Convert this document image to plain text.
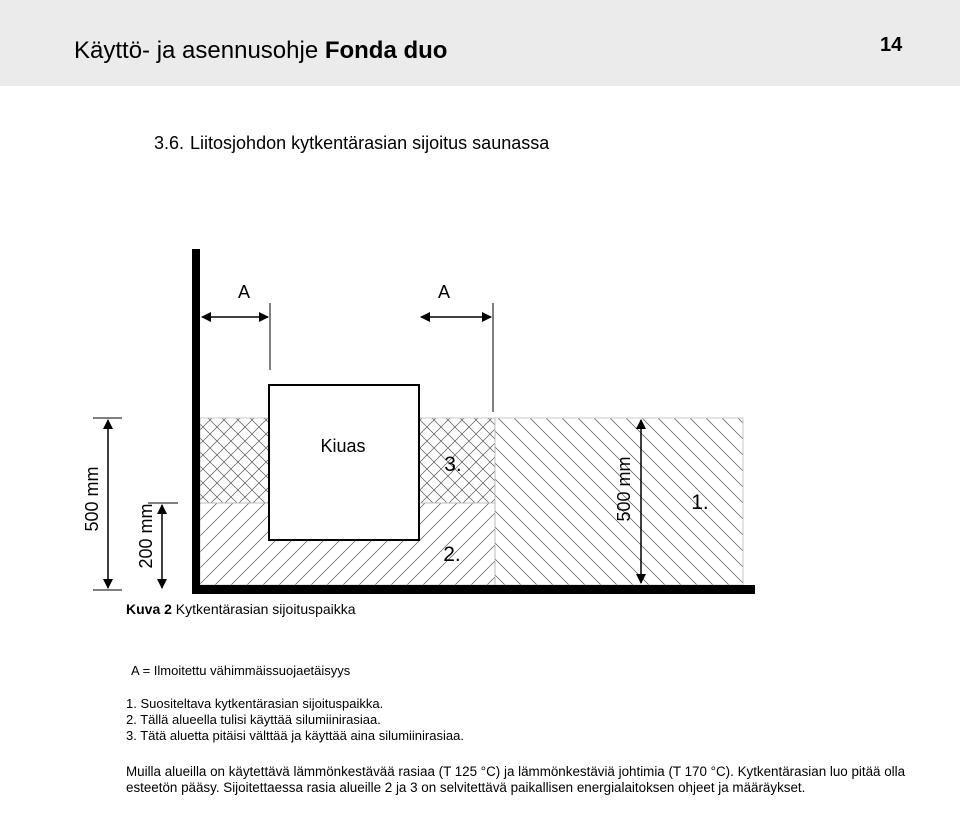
Käyttö- ja asennusohje Fonda duo	14
3.6. Liitosjohdon kytkentärasian sijoitus saunassa
Kiuas
A	A
500 mm
200 mm
500 mm
3.
2.
1.
Kuva 2 Kytkentärasian sijoituspaikka
A = Ilmoitettu vähimmäissuojaetäisyys
1. Suositeltava kytkentärasian sijoituspaikka.
2. Tällä alueella tulisi käyttää silumiinirasiaa.
3. Tätä aluetta pitäisi välttää ja käyttää aina silumiinirasiaa.
Muilla alueilla on käytettävä lämmönkestävää rasiaa (T 125 °C) ja lämmönkestäviä johtimia (T 170 °C). Kytkentärasian luo pitää olla esteetön pääsy. Sijoitettaessa rasia alueille 2 ja 3 on selvitettävä paikallisen energialaitoksen ohjeet ja määräykset.
